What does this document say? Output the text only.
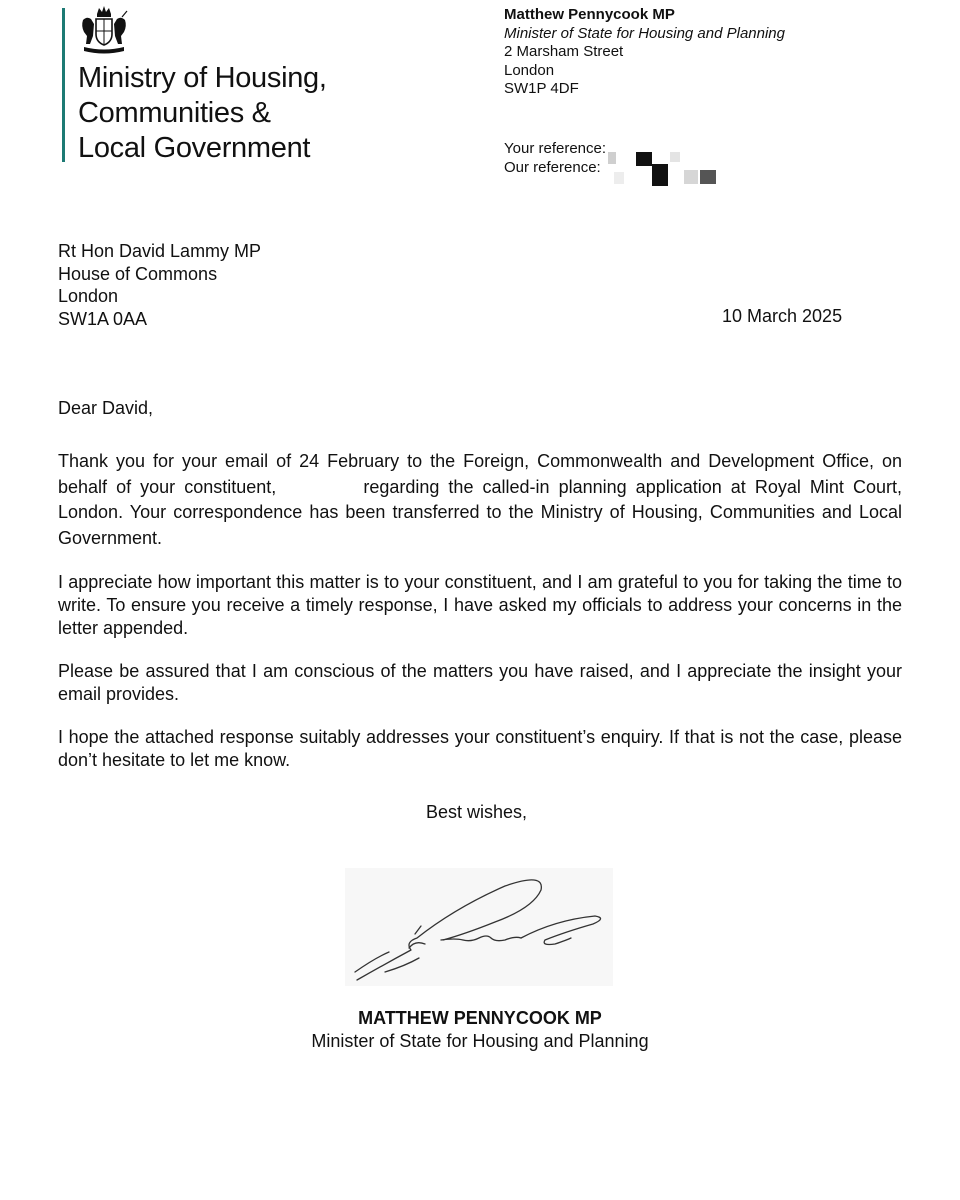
Ministry of Housing,
Communities &
Local Government
Matthew Pennycook MP
Minister of State for Housing and Planning
2 Marsham Street
London
SW1P 4DF
Your reference:
Our reference:
Rt Hon David Lammy MP
House of Commons
London
SW1A 0AA	10 March 2025
Dear David,

Thank you for your email of 24 February to the Foreign, Commonwealth and Development Office, on behalf of your constituent,	regarding the called-in planning application at Royal Mint Court, London. Your correspondence has been transferred to the Ministry of Housing, Communities and Local Government.

I appreciate how important this matter is to your constituent, and I am grateful to you for taking the time to write. To ensure you receive a timely response, I have asked my officials to address your concerns in the letter appended.

Please be assured that I am conscious of the matters you have raised, and I appreciate the insight your email provides.

I hope the attached response suitably addresses your constituent’s enquiry. If that is not the case, please don’t hesitate to let me know.

Best wishes,
MATTHEW PENNYCOOK MP
Minister of State for Housing and Planning
